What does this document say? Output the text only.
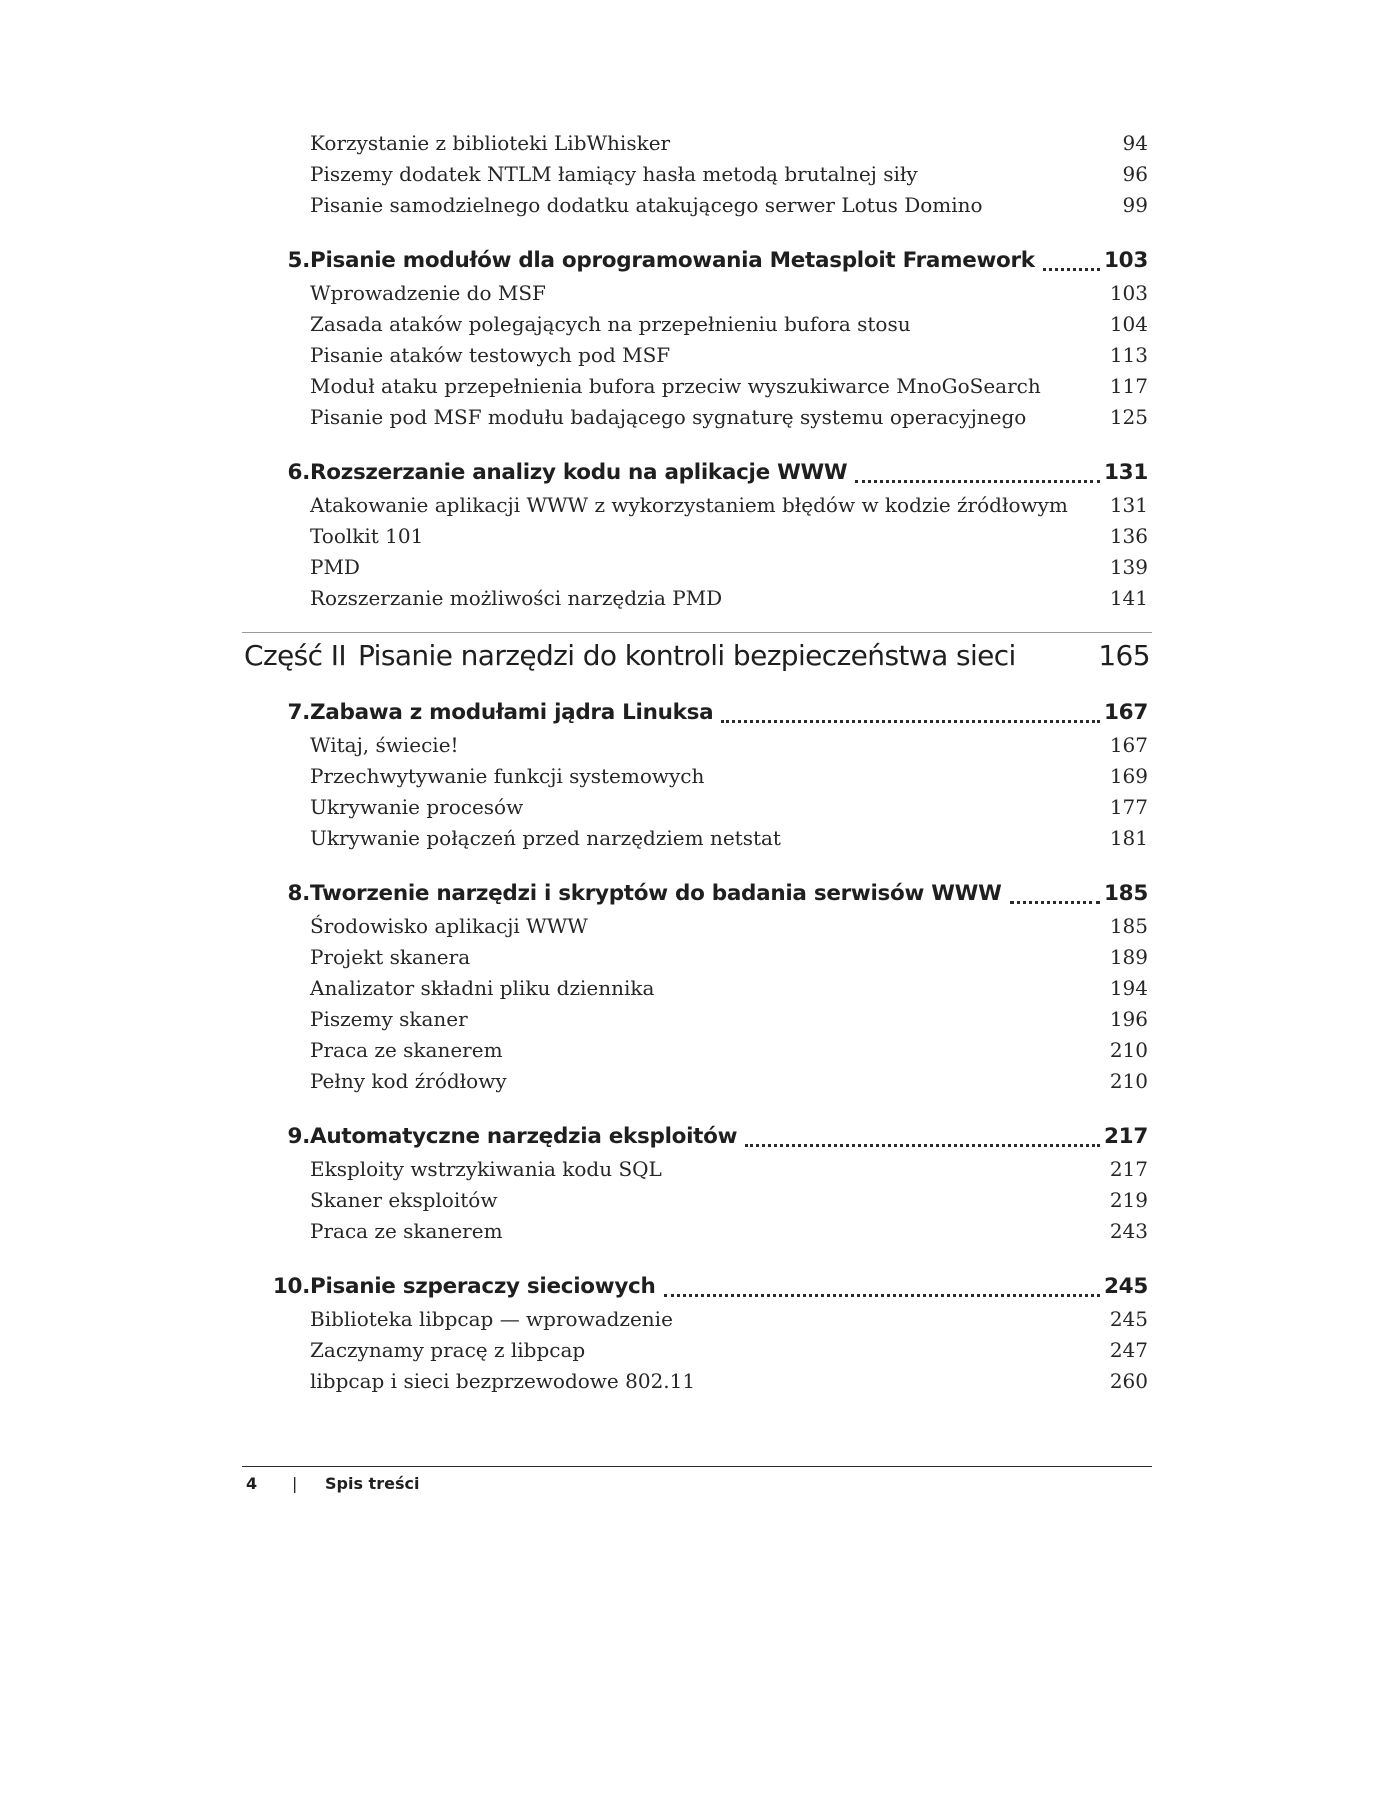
Korzystanie z biblioteki LibWhisker	94
Piszemy dodatek NTLM łamiący hasła metodą brutalnej siły	96
Pisanie samodzielnego dodatku atakującego serwer Lotus Domino	99
5. Pisanie modułów dla oprogramowania Metasploit Framework	103
Wprowadzenie do MSF	103
Zasada ataków polegających na przepełnieniu bufora stosu	104
Pisanie ataków testowych pod MSF	113
Moduł ataku przepełnienia bufora przeciw wyszukiwarce MnoGoSearch	117
Pisanie pod MSF modułu badającego sygnaturę systemu operacyjnego	125
6. Rozszerzanie analizy kodu na aplikacje WWW	131
Atakowanie aplikacji WWW z wykorzystaniem błędów w kodzie źródłowym 131
Toolkit 101	136
PMD	139
Rozszerzanie możliwości narzędzia PMD	141
Część II Pisanie narzędzi do kontroli bezpieczeństwa sieci	165
7. Zabawa z modułami jądra Linuksa	167
Witaj, świecie!	167
Przechwytywanie funkcji systemowych	169
Ukrywanie procesów	177
Ukrywanie połączeń przed narzędziem netstat	181
8. Tworzenie narzędzi i skryptów do badania serwisów WWW	185
Środowisko aplikacji WWW	185
Projekt skanera	189
Analizator składni pliku dziennika	194
Piszemy skaner	196
Praca ze skanerem	210
Pełny kod źródłowy	210
9. Automatyczne narzędzia eksploitów	217
Eksploity wstrzykiwania kodu SQL	217
Skaner eksploitów	219
Praca ze skanerem	243
10. Pisanie szperaczy sieciowych	245
Biblioteka libpcap — wprowadzenie	245
Zaczynamy pracę z libpcap	247
libpcap i sieci bezprzewodowe 802.11	260
4 | Spis treści
